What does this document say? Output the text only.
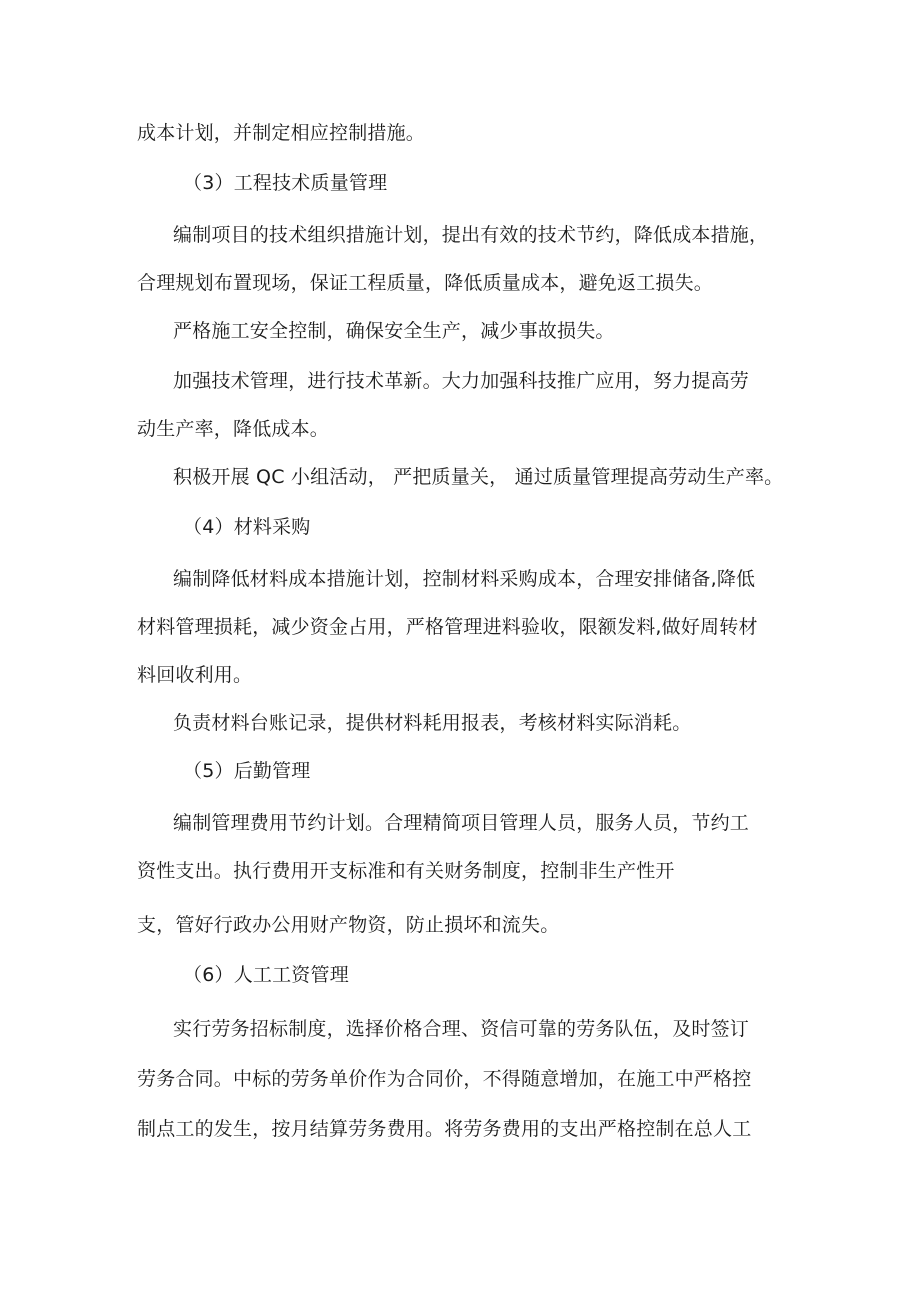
成本计划，并制定相应控制措施。
（3）工程技术质量管理
编制项目的技术组织措施计划，提出有效的技术节约，降低成本措施，
合理规划布置现场，保证工程质量，降低质量成本，避免返工损失。
严格施工安全控制，确保安全生产，减少事故损失。
加强技术管理，进行技术革新。大力加强科技推广应用，努力提高劳
动生产率，降低成本。
积极开展 QC 小组活动， 严把质量关， 通过质量管理提高劳动生产率。
（4）材料采购
编制降低材料成本措施计划，控制材料采购成本，合理安排储备,降低
材料管理损耗，减少资金占用，严格管理进料验收，限额发料,做好周转材
料回收利用。
负责材料台账记录，提供材料耗用报表，考核材料实际消耗。
（5）后勤管理
编制管理费用节约计划。合理精简项目管理人员，服务人员，节约工
资性支出。执行费用开支标准和有关财务制度，控制非生产性开
支，管好行政办公用财产物资，防止损坏和流失。
（6）人工工资管理
实行劳务招标制度，选择价格合理、资信可靠的劳务队伍，及时签订
劳务合同。中标的劳务单价作为合同价，不得随意增加，在施工中严格控
制点工的发生，按月结算劳务费用。将劳务费用的支出严格控制在总人工
